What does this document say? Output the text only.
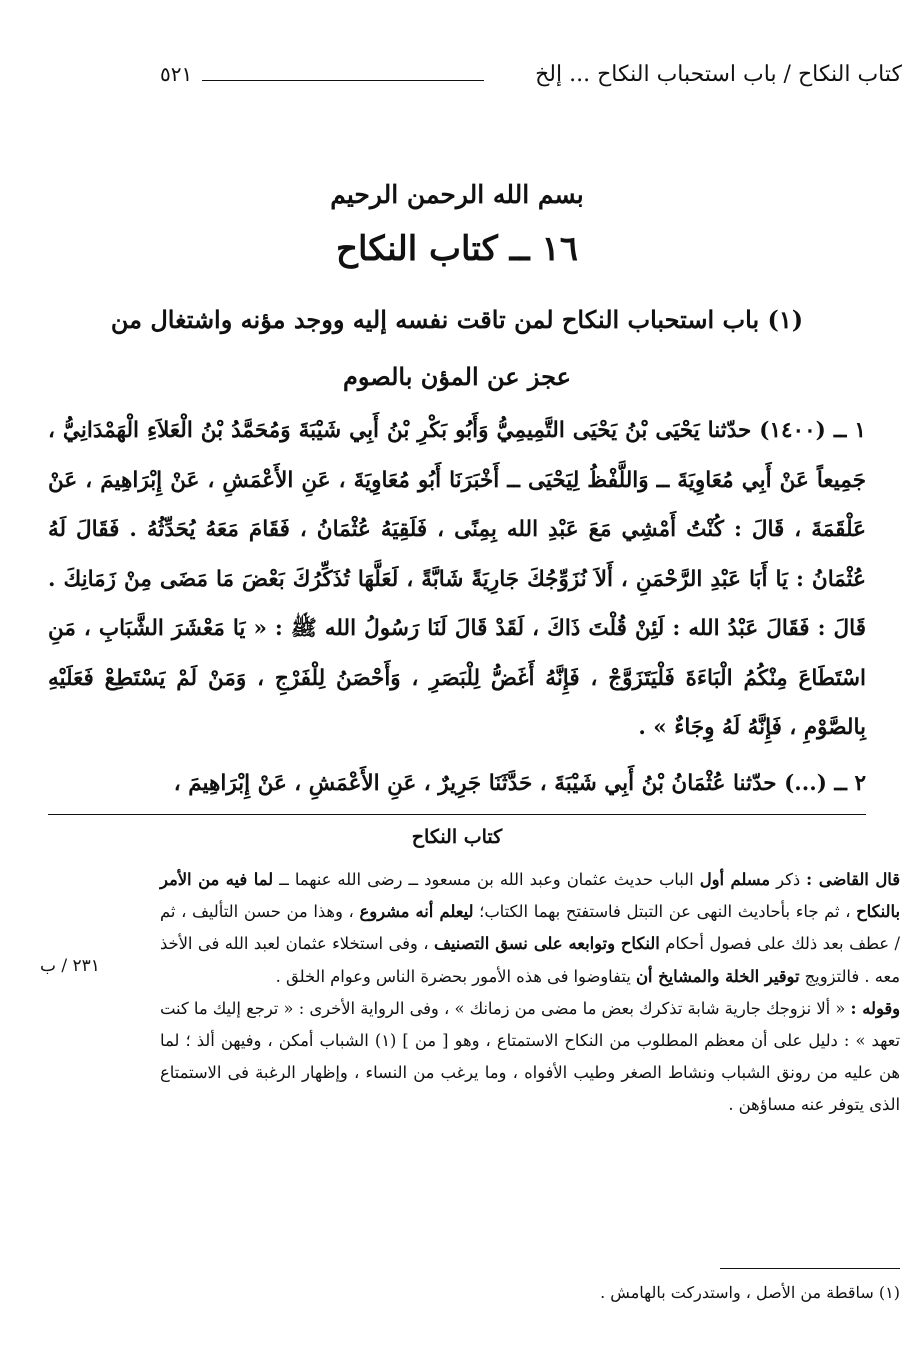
كتاب النكاح / باب استحباب النكاح ... إلخ
٥٢١
بسم الله الرحمن الرحيم
١٦ ــ كتاب النكاح
(١) باب استحباب النكاح لمن تاقت نفسه إليه ووجد مؤنه واشتغال من عجز عن المؤن بالصوم

١ ــ (١٤٠٠) حدّثنا يَحْيَى بْنُ يَحْيَى التَّمِيمِيُّ وَأَبُو بَكْرِ بْنُ أَبِي شَيْبَةَ وَمُحَمَّدُ بْنُ الْعَلاَءِ الْهَمْدَانِيُّ ، جَمِيعاً عَنْ أَبِي مُعَاوِيَةَ ــ وَاللَّفْظُ لِيَحْيَى ــ أَخْبَرَنَا أَبُو مُعَاوِيَةَ ، عَنِ الأَعْمَشِ ، عَنْ إِبْرَاهِيمَ ، عَنْ عَلْقَمَةَ ، قَالَ : كُنْتُ أَمْشِي مَعَ عَبْدِ الله بِمِنًى ، فَلَقِيَهُ عُثْمَانُ ، فَقَامَ مَعَهُ يُحَدِّثُهُ . فَقَالَ لَهُ عُثْمَانُ : يَا أَبَا عَبْدِ الرَّحْمَنِ ، أَلاَ نُزَوِّجُكَ جَارِيَةً شَابَّةً ، لَعَلَّهَا تُذَكِّرُكَ بَعْضَ مَا مَضَى مِنْ زَمَانِكَ . قَالَ : فَقَالَ عَبْدُ الله : لَئِنْ قُلْتَ ذَاكَ ، لَقَدْ قَالَ لَنَا رَسُولُ الله ﷺ : « يَا مَعْشَرَ الشَّبَابِ ، مَنِ اسْتَطَاعَ مِنْكُمُ الْبَاءَةَ فَلْيَتَزَوَّجْ ، فَإِنَّهُ أَغَضُّ لِلْبَصَرِ ، وَأَحْصَنُ لِلْفَرْجِ ، وَمَنْ لَمْ يَسْتَطِعْ فَعَلَيْهِ بِالصَّوْمِ ، فَإِنَّهُ لَهُ وِجَاءٌ » .

٢ ــ (...) حدّثنا عُثْمَانُ بْنُ أَبِي شَيْبَةَ ، حَدَّثَنَا جَرِيرٌ ، عَنِ الأَعْمَشِ ، عَنْ إِبْرَاهِيمَ ،

كتاب النكاح

قال القاضى : ذكر مسلم أول الباب حديث عثمان وعبد الله بن مسعود ــ رضى الله عنهما ــ لما فيه من الأمر بالنكاح ، ثم جاء بأحاديث النهى عن التبتل فاستفتح بهما الكتاب؛ ليعلم أنه مشروع ، وهذا من حسن التأليف ، ثم / عطف بعد ذلك على فصول أحكام النكاح وتوابعه على نسق التصنيف ، وفى استخلاء عثمان لعبد الله فى الأخذ معه . فالتزويج توقير الخلة والمشايخ أن يتفاوضوا فى هذه الأمور بحضرة الناس وعوام الخلق .

وقوله : « ألا نزوجك جارية شابة تذكرك بعض ما مضى من زمانك » ، وفى الرواية الأخرى : « ترجع إليك ما كنت تعهد » : دليل على أن معظم المطلوب من النكاح الاستمتاع ، وهو [ من ] (١) الشباب أمكن ، وفيهن ألذ ؛ لما هن عليه من رونق الشباب ونشاط الصغر وطيب الأفواه ، وما يرغب من النساء ، وإظهار الرغبة فى الاستمتاع الذى يتوفر عنه مساؤهن .

٢٣١ / ب
(١) ساقطة من الأصل ، واستدركت بالهامش .
